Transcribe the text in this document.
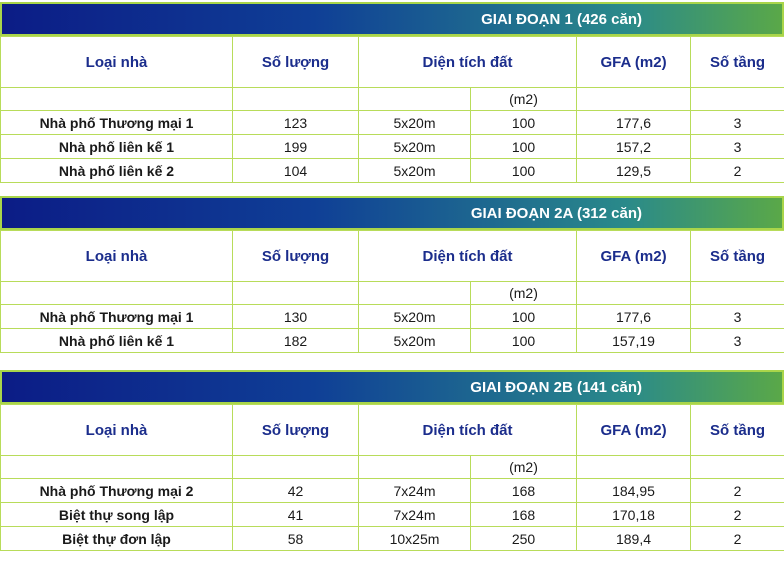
GIAI ĐOẠN 1 (426 căn)
Loại nhà	Số lượng	Diện tích đất		GFA (m2)	Số tầng
			(m2)		
Nhà phố Thương mại 1	123	5x20m	100	177,6	3
Nhà phố liên kế 1	199	5x20m	100	157,2	3
Nhà phố liên kế 2	104	5x20m	100	129,5	2
GIAI ĐOẠN 2A (312 căn)
Loại nhà	Số lượng	Diện tích đất		GFA (m2)	Số tầng
			(m2)		
Nhà phố Thương mại 1	130	5x20m	100	177,6	3
Nhà phố liên kế 1	182	5x20m	100	157,19	3
GIAI ĐOẠN 2B (141 căn)
Loại nhà	Số lượng	Diện tích đất		GFA (m2)	Số tầng
			(m2)		
Nhà phố Thương mại 2	42	7x24m	168	184,95	2
Biệt thự song lập	41	7x24m	168	170,18	2
Biệt thự đơn lập	58	10x25m	250	189,4	2
